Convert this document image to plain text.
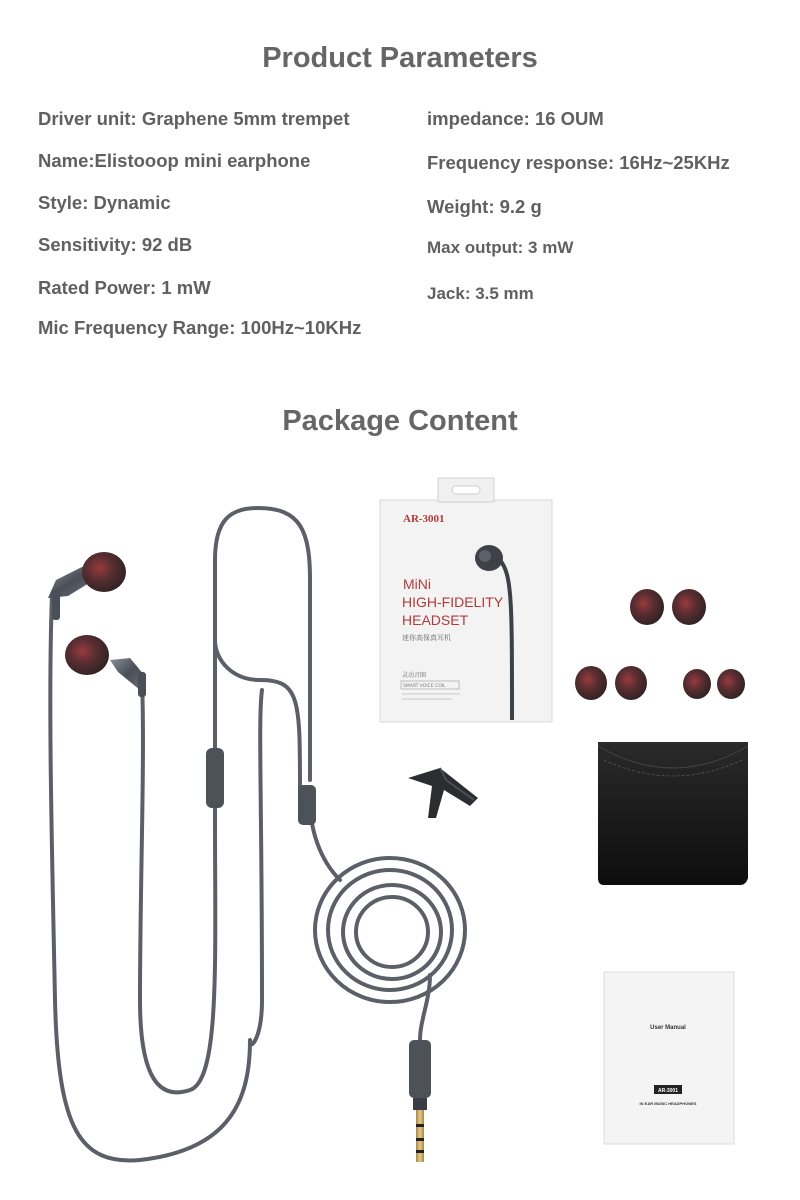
Product Parameters
Driver unit: Graphene 5mm trempet
Name:Elistooop mini earphone
Style: Dynamic
Sensitivity: 92 dB
Rated Power: 1 mW
Mic Frequency Range: 100Hz~10KHz
impedance: 16 OUM
Frequency response: 16Hz~25KHz
Weight: 9.2 g
Max output: 3 mW
Jack: 3.5 mm
Package Content
AR-3001
MiNi
HIGH-FIDELITY
HEADSET
迷你高保真耳机
灵动音圈
SMART VOICE COIL
User Manual
AR-3001
IN EAR MUSIC HEADPHONES
